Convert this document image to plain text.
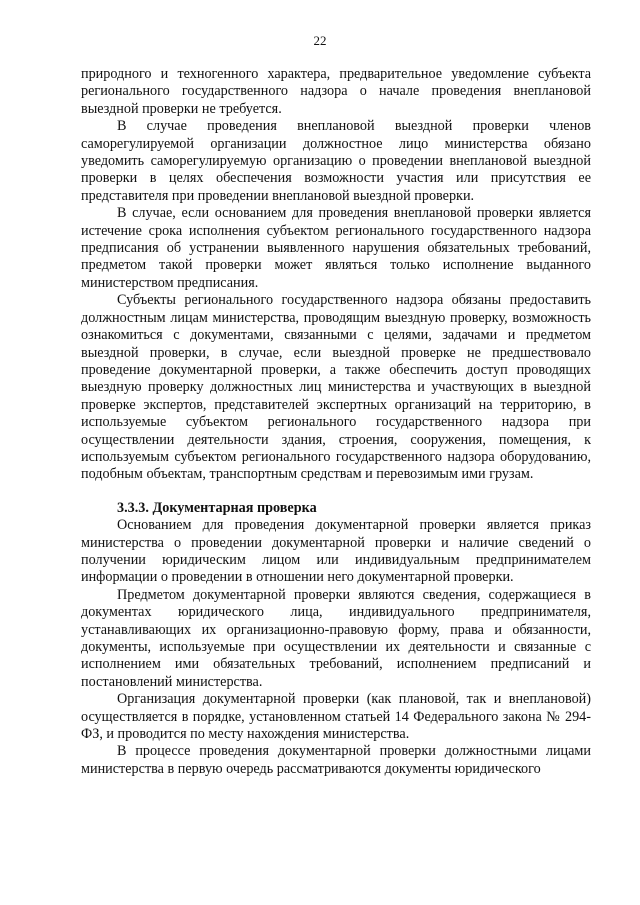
22

природного и техногенного характера, предварительное уведомление субъекта регионального государственного надзора о начале проведения внеплановой выездной проверки не требуется.

В случае проведения внеплановой выездной проверки членов саморегулируемой организации должностное лицо министерства обязано уведомить саморегулируемую организацию о проведении внеплановой выездной проверки в целях обеспечения возможности участия или присутствия ее представителя при проведении внеплановой выездной проверки.

В случае, если основанием для проведения внеплановой проверки является истечение срока исполнения субъектом регионального государственного надзора предписания об устранении выявленного нарушения обязательных требований, предметом такой проверки может являться только исполнение выданного министерством предписания.

Субъекты регионального государственного надзора обязаны предоставить должностным лицам министерства, проводящим выездную проверку, возможность ознакомиться с документами, связанными с целями, задачами и предметом выездной проверки, в случае, если выездной проверке не предшествовало проведение документарной проверки, а также обеспечить доступ проводящих выездную проверку должностных лиц министерства и участвующих в выездной проверке экспертов, представителей экспертных организаций на территорию, в используемые субъектом регионального государственного надзора при осуществлении деятельности здания, строения, сооружения, помещения, к используемым субъектом регионального государственного надзора оборудованию, подобным объектам, транспортным средствам и перевозимым ими грузам.

3.3.3. Документарная проверка

Основанием для проведения документарной проверки является приказ министерства о проведении документарной проверки и наличие сведений о получении юридическим лицом или индивидуальным предпринимателем информации о проведении в отношении него документарной проверки.

Предметом документарной проверки являются сведения, содержащиеся в документах юридического лица, индивидуального предпринимателя, устанавливающих их организационно-правовую форму, права и обязанности, документы, используемые при осуществлении их деятельности и связанные с исполнением ими обязательных требований, исполнением предписаний и постановлений министерства.

Организация документарной проверки (как плановой, так и внеплановой) осуществляется в порядке, установленном статьей 14 Федерального закона № 294-ФЗ, и проводится по месту нахождения министерства.

В процессе проведения документарной проверки должностными лицами министерства в первую очередь рассматриваются документы юридического
